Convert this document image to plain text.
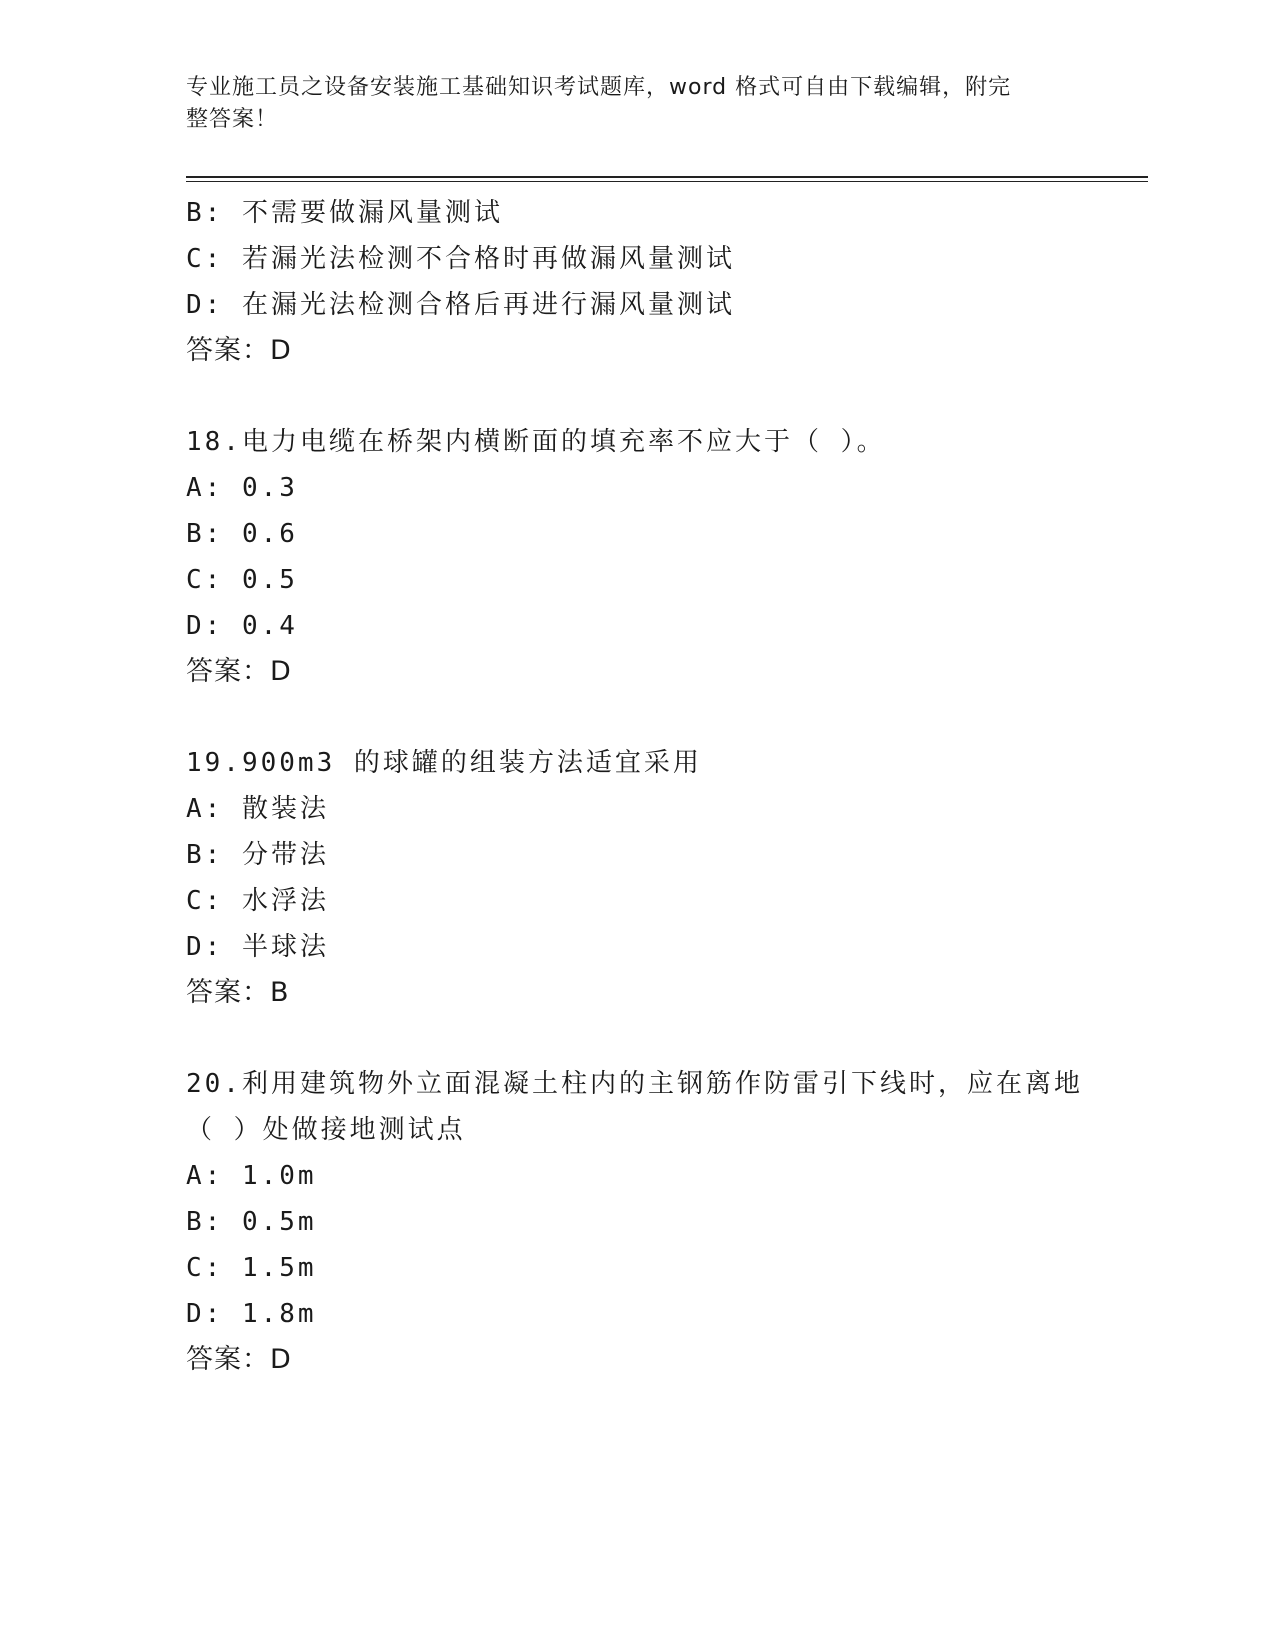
专业施工员之设备安装施工基础知识考试题库，word 格式可自由下载编辑，附完
整答案！
B: 不需要做漏风量测试
C: 若漏光法检测不合格时再做漏风量测试
D: 在漏光法检测合格后再进行漏风量测试
答案：D
18.电力电缆在桥架内横断面的填充率不应大于（ ）。
A: 0.3
B: 0.6
C: 0.5
D: 0.4
答案：D
19.900m3 的球罐的组装方法适宜采用
A: 散装法
B: 分带法
C: 水浮法
D: 半球法
答案：B
20.利用建筑物外立面混凝土柱内的主钢筋作防雷引下线时，应在离地
（ ）处做接地测试点
A: 1.0m
B: 0.5m
C: 1.5m
D: 1.8m
答案：D
